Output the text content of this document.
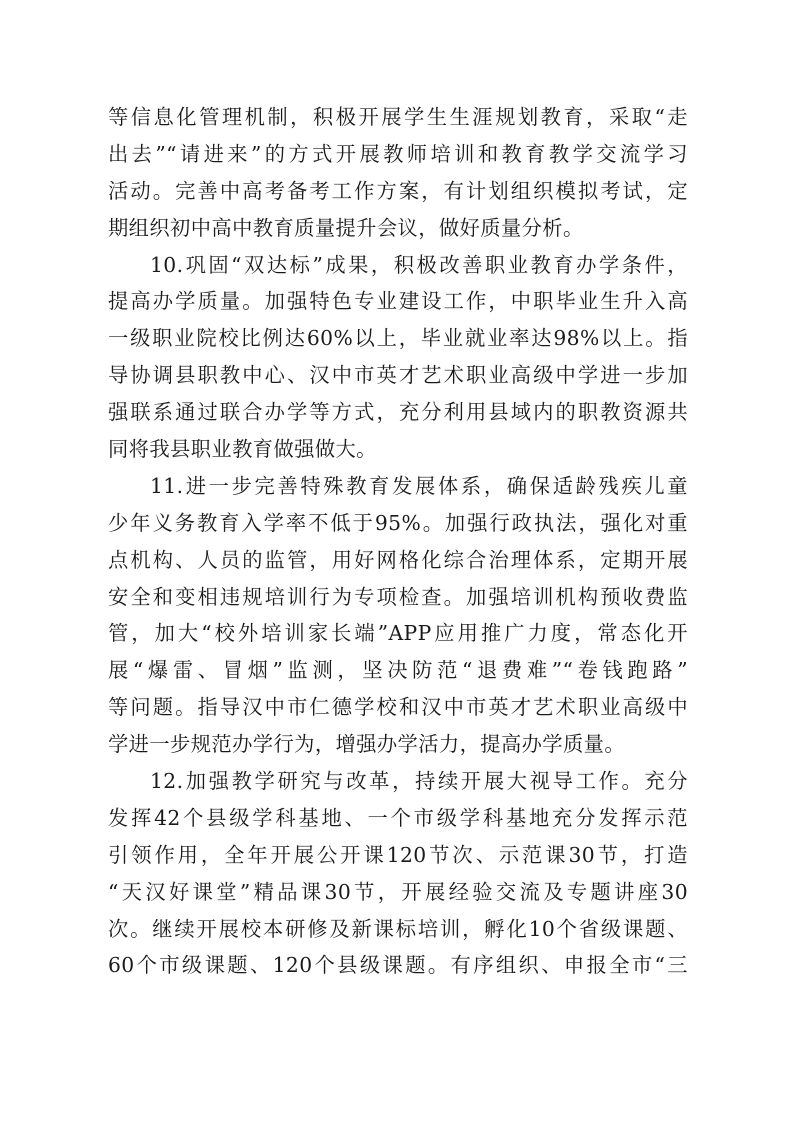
等信息化管理机制，积极开展学生生涯规划教育，采取“走
出去”“请进来”的方式开展教师培训和教育教学交流学习
活动。完善中高考备考工作方案，有计划组织模拟考试，定
期组织初中高中教育质量提升会议，做好质量分析。
10.巩固“双达标”成果，积极改善职业教育办学条件，
提高办学质量。加强特色专业建设工作，中职毕业生升入高
一级职业院校比例达60%以上，毕业就业率达98%以上。指
导协调县职教中心、汉中市英才艺术职业高级中学进一步加
强联系通过联合办学等方式，充分利用县域内的职教资源共
同将我县职业教育做强做大。
11.进一步完善特殊教育发展体系，确保适龄残疾儿童
少年义务教育入学率不低于95%。加强行政执法，强化对重
点机构、人员的监管，用好网格化综合治理体系，定期开展
安全和变相违规培训行为专项检查。加强培训机构预收费监
管，加大“校外培训家长端”APP应用推广力度，常态化开
展“爆雷、冒烟”监测，坚决防范“退费难”“卷钱跑路”
等问题。指导汉中市仁德学校和汉中市英才艺术职业高级中
学进一步规范办学行为，增强办学活力，提高办学质量。
12.加强教学研究与改革，持续开展大视导工作。充分
发挥42个县级学科基地、一个市级学科基地充分发挥示范
引领作用，全年开展公开课120节次、示范课30节，打造
“天汉好课堂”精品课30节，开展经验交流及专题讲座30
次。继续开展校本研修及新课标培训，孵化10个省级课题、
60个市级课题、120个县级课题。有序组织、申报全市“三
